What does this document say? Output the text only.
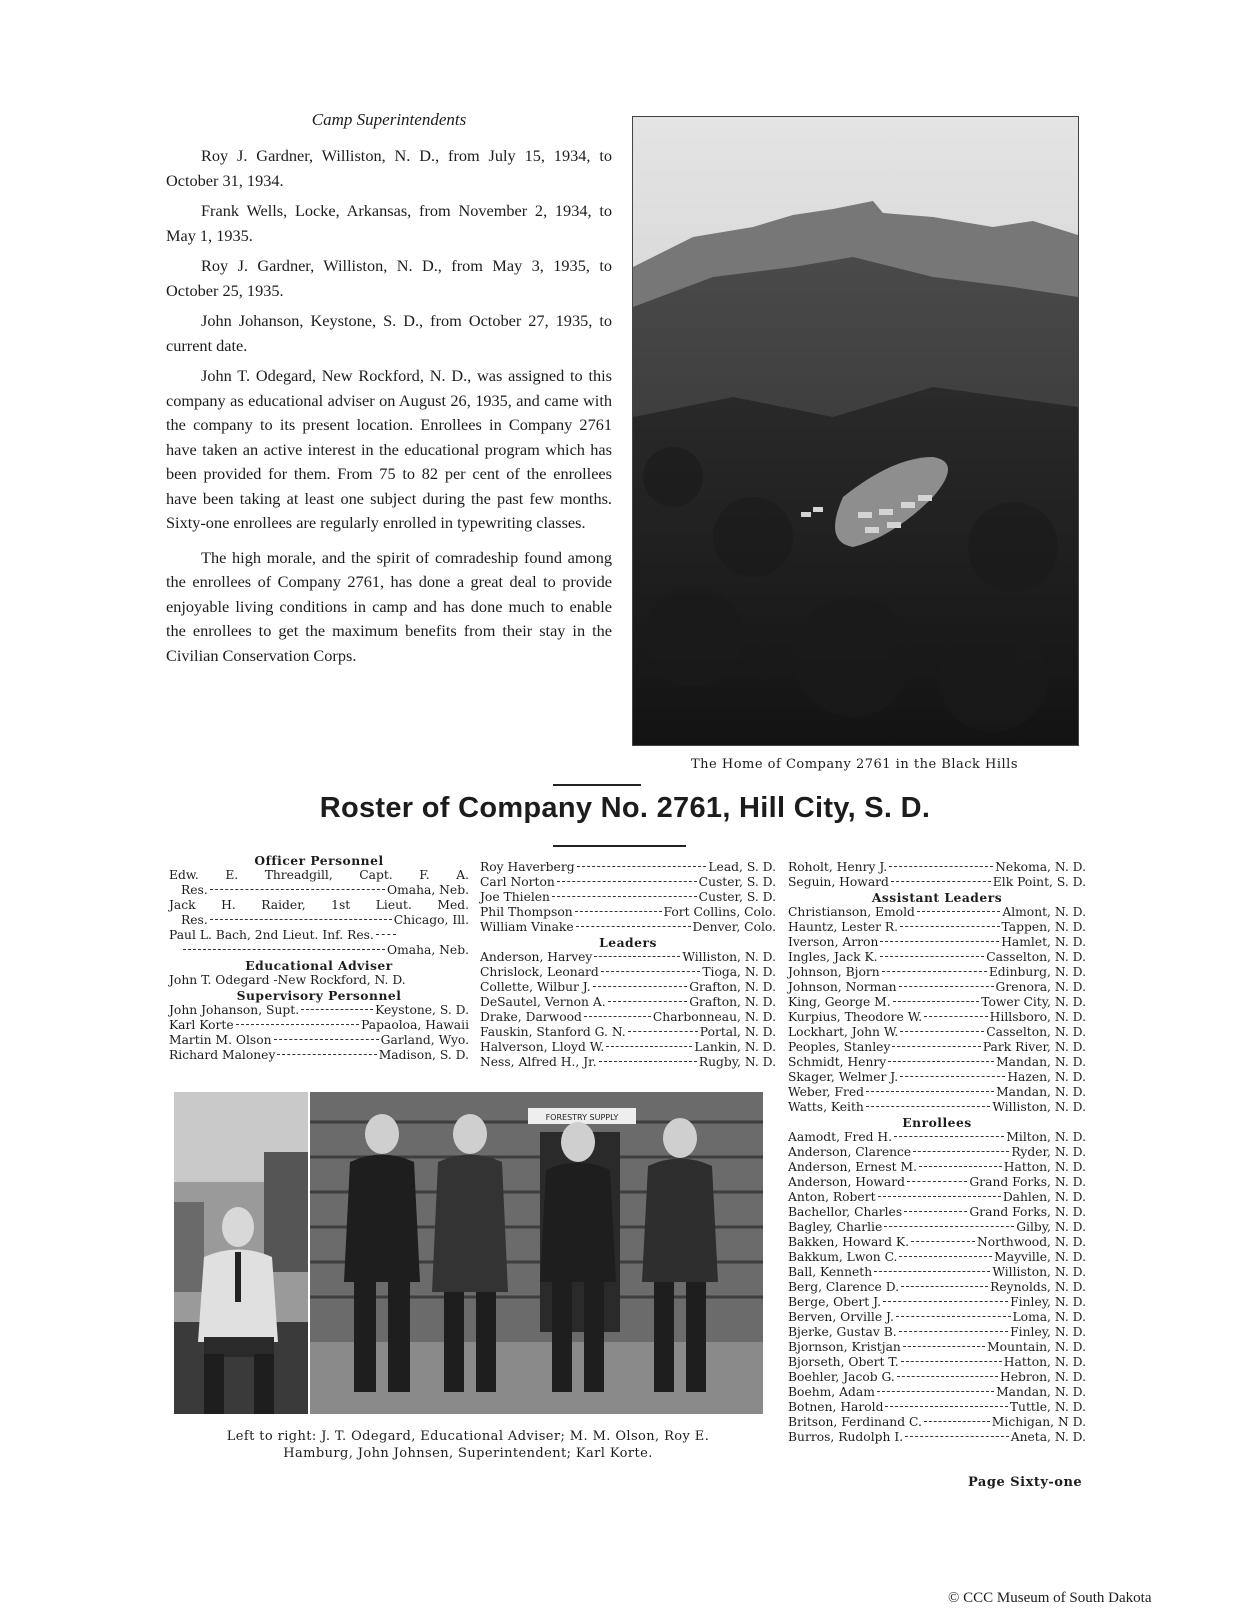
Camp Superintendents

Roy J. Gardner, Williston, N. D., from July 15, 1934, to October 31, 1934.

Frank Wells, Locke, Arkansas, from November 2, 1934, to May 1, 1935.

Roy J. Gardner, Williston, N. D., from May 3, 1935, to October 25, 1935.

John Johanson, Keystone, S. D., from October 27, 1935, to current date.

John T. Odegard, New Rockford, N. D., was assigned to this company as educational adviser on August 26, 1935, and came with the company to its present location. Enrollees in Company 2761 have taken an active interest in the educational program which has been provided for them. From 75 to 82 per cent of the enrollees have been taking at least one subject during the past few months. Sixty-one enrollees are regularly enrolled in typewriting classes.

The high morale, and the spirit of comradeship found among the enrollees of Company 2761, has done a great deal to provide enjoyable living conditions in camp and has done much to enable the enrollees to get the maximum benefits from their stay in the Civilian Conservation Corps.

The Home of Company 2761 in the Black Hills
Roster of Company No. 2761, Hill City, S. D.
Officer Personnel
Edw. E. Threadgill, Capt. F. A.
Res.	Omaha, Neb.
Jack H. Raider, 1st Lieut. Med.
Res.	Chicago, Ill.
Paul L. Bach, 2nd Lieut. Inf. Res.
Omaha, Neb.
Educational Adviser
John T. Odegard -New Rockford, N. D.
Supervisory Personnel
John Johanson, Supt.	Keystone, S. D.
Karl Korte	Papaoloa, Hawaii
Martin M. Olson	Garland, Wyo.
Richard Maloney	Madison, S. D.
Roy Haverberg	Lead, S. D.
Carl Norton	Custer, S. D.
Joe Thielen	Custer, S. D.
Phil Thompson	Fort Collins, Colo.
William Vinake	Denver, Colo.
Leaders
Anderson, Harvey	Williston, N. D.
Chrislock, Leonard	Tioga, N. D.
Collette, Wilbur J.	Grafton, N. D.
DeSautel, Vernon A.	Grafton, N. D.
Drake, Darwood	Charbonneau, N. D.
Fauskin, Stanford G. N.	Portal, N. D.
Halverson, Lloyd W.	Lankin, N. D.
Ness, Alfred H., Jr.	Rugby, N. D.
Roholt, Henry J.	Nekoma, N. D.
Seguin, Howard	Elk Point, S. D.
Assistant Leaders
Christianson, Emold	Almont, N. D.
Hauntz, Lester R.	Tappen, N. D.
Iverson, Arron	Hamlet, N. D.
Ingles, Jack K.	Casselton, N. D.
Johnson, Bjorn	Edinburg, N. D.
Johnson, Norman	Grenora, N. D.
King, George M.	Tower City, N. D.
Kurpius, Theodore W.	Hillsboro, N. D.
Lockhart, John W.	Casselton, N. D.
Peoples, Stanley	Park River, N. D.
Schmidt, Henry	Mandan, N. D.
Skager, Welmer J.	Hazen, N. D.
Weber, Fred	Mandan, N. D.
Watts, Keith	Williston, N. D.
Enrollees
Aamodt, Fred H.	Milton, N. D.
Anderson, Clarence	Ryder, N. D.
Anderson, Ernest M.	Hatton, N. D.
Anderson, Howard	Grand Forks, N. D.
Anton, Robert	Dahlen, N. D.
Bachellor, Charles	Grand Forks, N. D.
Bagley, Charlie	Gilby, N. D.
Bakken, Howard K.	Northwood, N. D.
Bakkum, Lwon C.	Mayville, N. D.
Ball, Kenneth	Williston, N. D.
Berg, Clarence D.	Reynolds, N. D.
Berge, Obert J.	Finley, N. D.
Berven, Orville J.	Loma, N. D.
Bjerke, Gustav B.	Finley, N. D.
Bjornson, Kristjan	Mountain, N. D.
Bjorseth, Obert T.	Hatton, N. D.
Boehler, Jacob G.	Hebron, N. D.
Boehm, Adam	Mandan, N. D.
Botnen, Harold	Tuttle, N. D.
Britson, Ferdinand C.	Michigan, N D.
Burros, Rudolph I.	Aneta, N. D.
FORESTRY SUPPLY
Left to right: J. T. Odegard, Educational Adviser; M. M. Olson, Roy E.
Hamburg, John Johnsen, Superintendent; Karl Korte.
Page Sixty-one
© CCC Museum of South Dakota
